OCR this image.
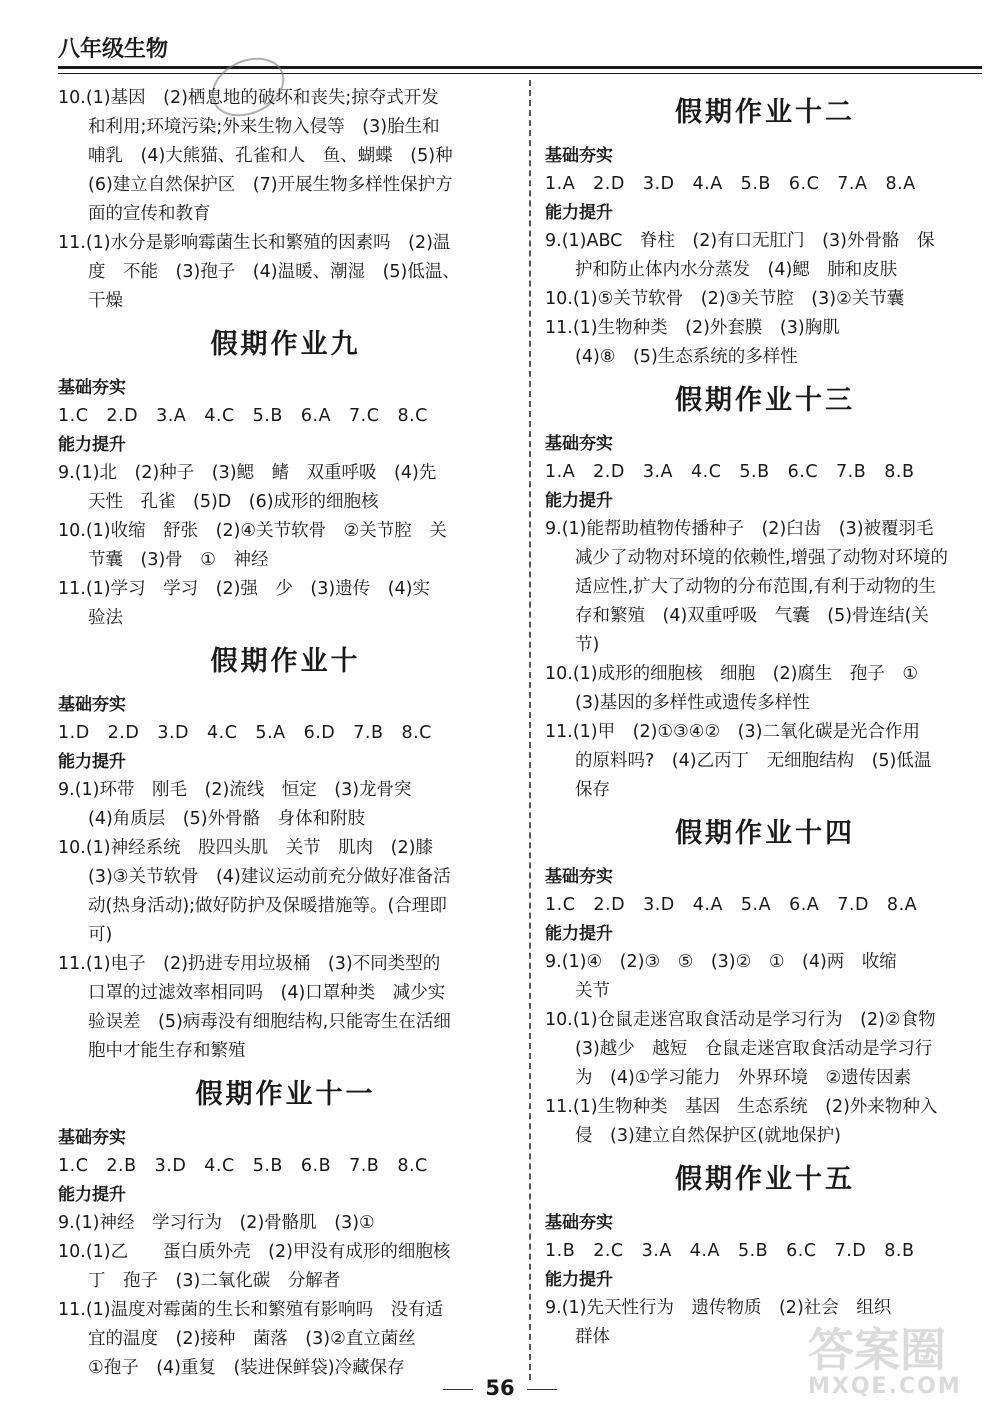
八年级生物
10.(1)基因　(2)栖息地的破坏和丧失;掠夺式开发
和利用;环境污染;外来生物入侵等　(3)胎生和
哺乳　(4)大熊猫、孔雀和人　鱼、蝴蝶　(5)种
(6)建立自然保护区　(7)开展生物多样性保护方
面的宣传和教育
11.(1)水分是影响霉菌生长和繁殖的因素吗　(2)温
度　不能　(3)孢子　(4)温暖、潮湿　(5)低温、
干燥
假期作业九
基础夯实
1.C　2.D　3.A　4.C　5.B　6.A　7.C　8.C
能力提升
9.(1)北　(2)种子　(3)鳃　鳍　双重呼吸　(4)先
天性　孔雀　(5)D　(6)成形的细胞核
10.(1)收缩　舒张　(2)④关节软骨　②关节腔　关
节囊　(3)骨　①　神经
11.(1)学习　学习　(2)强　少　(3)遗传　(4)实
验法
假期作业十
基础夯实
1.D　2.D　3.D　4.C　5.A　6.D　7.B　8.C
能力提升
9.(1)环带　刚毛　(2)流线　恒定　(3)龙骨突
(4)角质层　(5)外骨骼　身体和附肢
10.(1)神经系统　股四头肌　关节　肌肉　(2)膝
(3)③关节软骨　(4)建议运动前充分做好准备活
动(热身活动);做好防护及保暖措施等。(合理即
可)
11.(1)电子　(2)扔进专用垃圾桶　(3)不同类型的
口罩的过滤效率相同吗　(4)口罩种类　减少实
验误差　(5)病毒没有细胞结构,只能寄生在活细
胞中才能生存和繁殖
假期作业十一
基础夯实
1.C　2.B　3.D　4.C　5.B　6.B　7.B　8.C
能力提升
9.(1)神经　学习行为　(2)骨骼肌　(3)①
10.(1)乙　　蛋白质外壳　(2)甲没有成形的细胞核
丁　孢子　(3)二氧化碳　分解者
11.(1)温度对霉菌的生长和繁殖有影响吗　没有适
宜的温度　(2)接种　菌落　(3)②直立菌丝
①孢子　(4)重复　(装进保鲜袋)冷藏保存
假期作业十二
基础夯实
1.A　2.D　3.D　4.A　5.B　6.C　7.A　8.A
能力提升
9.(1)ABC　脊柱　(2)有口无肛门　(3)外骨骼　保
护和防止体内水分蒸发　(4)鳃　肺和皮肤
10.(1)⑤关节软骨　(2)③关节腔　(3)②关节囊
11.(1)生物种类　(2)外套膜　(3)胸肌
(4)⑧　(5)生态系统的多样性
假期作业十三
基础夯实
1.A　2.D　3.A　4.C　5.B　6.C　7.B　8.B
能力提升
9.(1)能帮助植物传播种子　(2)臼齿　(3)被覆羽毛
减少了动物对环境的依赖性,增强了动物对环境的
适应性,扩大了动物的分布范围,有利于动物的生
存和繁殖　(4)双重呼吸　气囊　(5)骨连结(关
节)
10.(1)成形的细胞核　细胞　(2)腐生　孢子　①
(3)基因的多样性或遗传多样性
11.(1)甲　(2)①③④②　(3)二氧化碳是光合作用
的原料吗?　(4)乙丙丁　无细胞结构　(5)低温
保存
假期作业十四
基础夯实
1.C　2.D　3.D　4.A　5.A　6.A　7.D　8.A
能力提升
9.(1)④　(2)③　⑤　(3)②　①　(4)两　收缩
关节
10.(1)仓鼠走迷宫取食活动是学习行为　(2)②食物
(3)越少　越短　仓鼠走迷宫取食活动是学习行
为　(4)①学习能力　外界环境　②遗传因素
11.(1)生物种类　基因　生态系统　(2)外来物种入
侵　(3)建立自然保护区(就地保护)
假期作业十五
基础夯实
1.B　2.C　3.A　4.A　5.B　6.C　7.D　8.B
能力提升
9.(1)先天性行为　遗传物质　(2)社会　组织
群体
56
答案圈
MXQE.COM
